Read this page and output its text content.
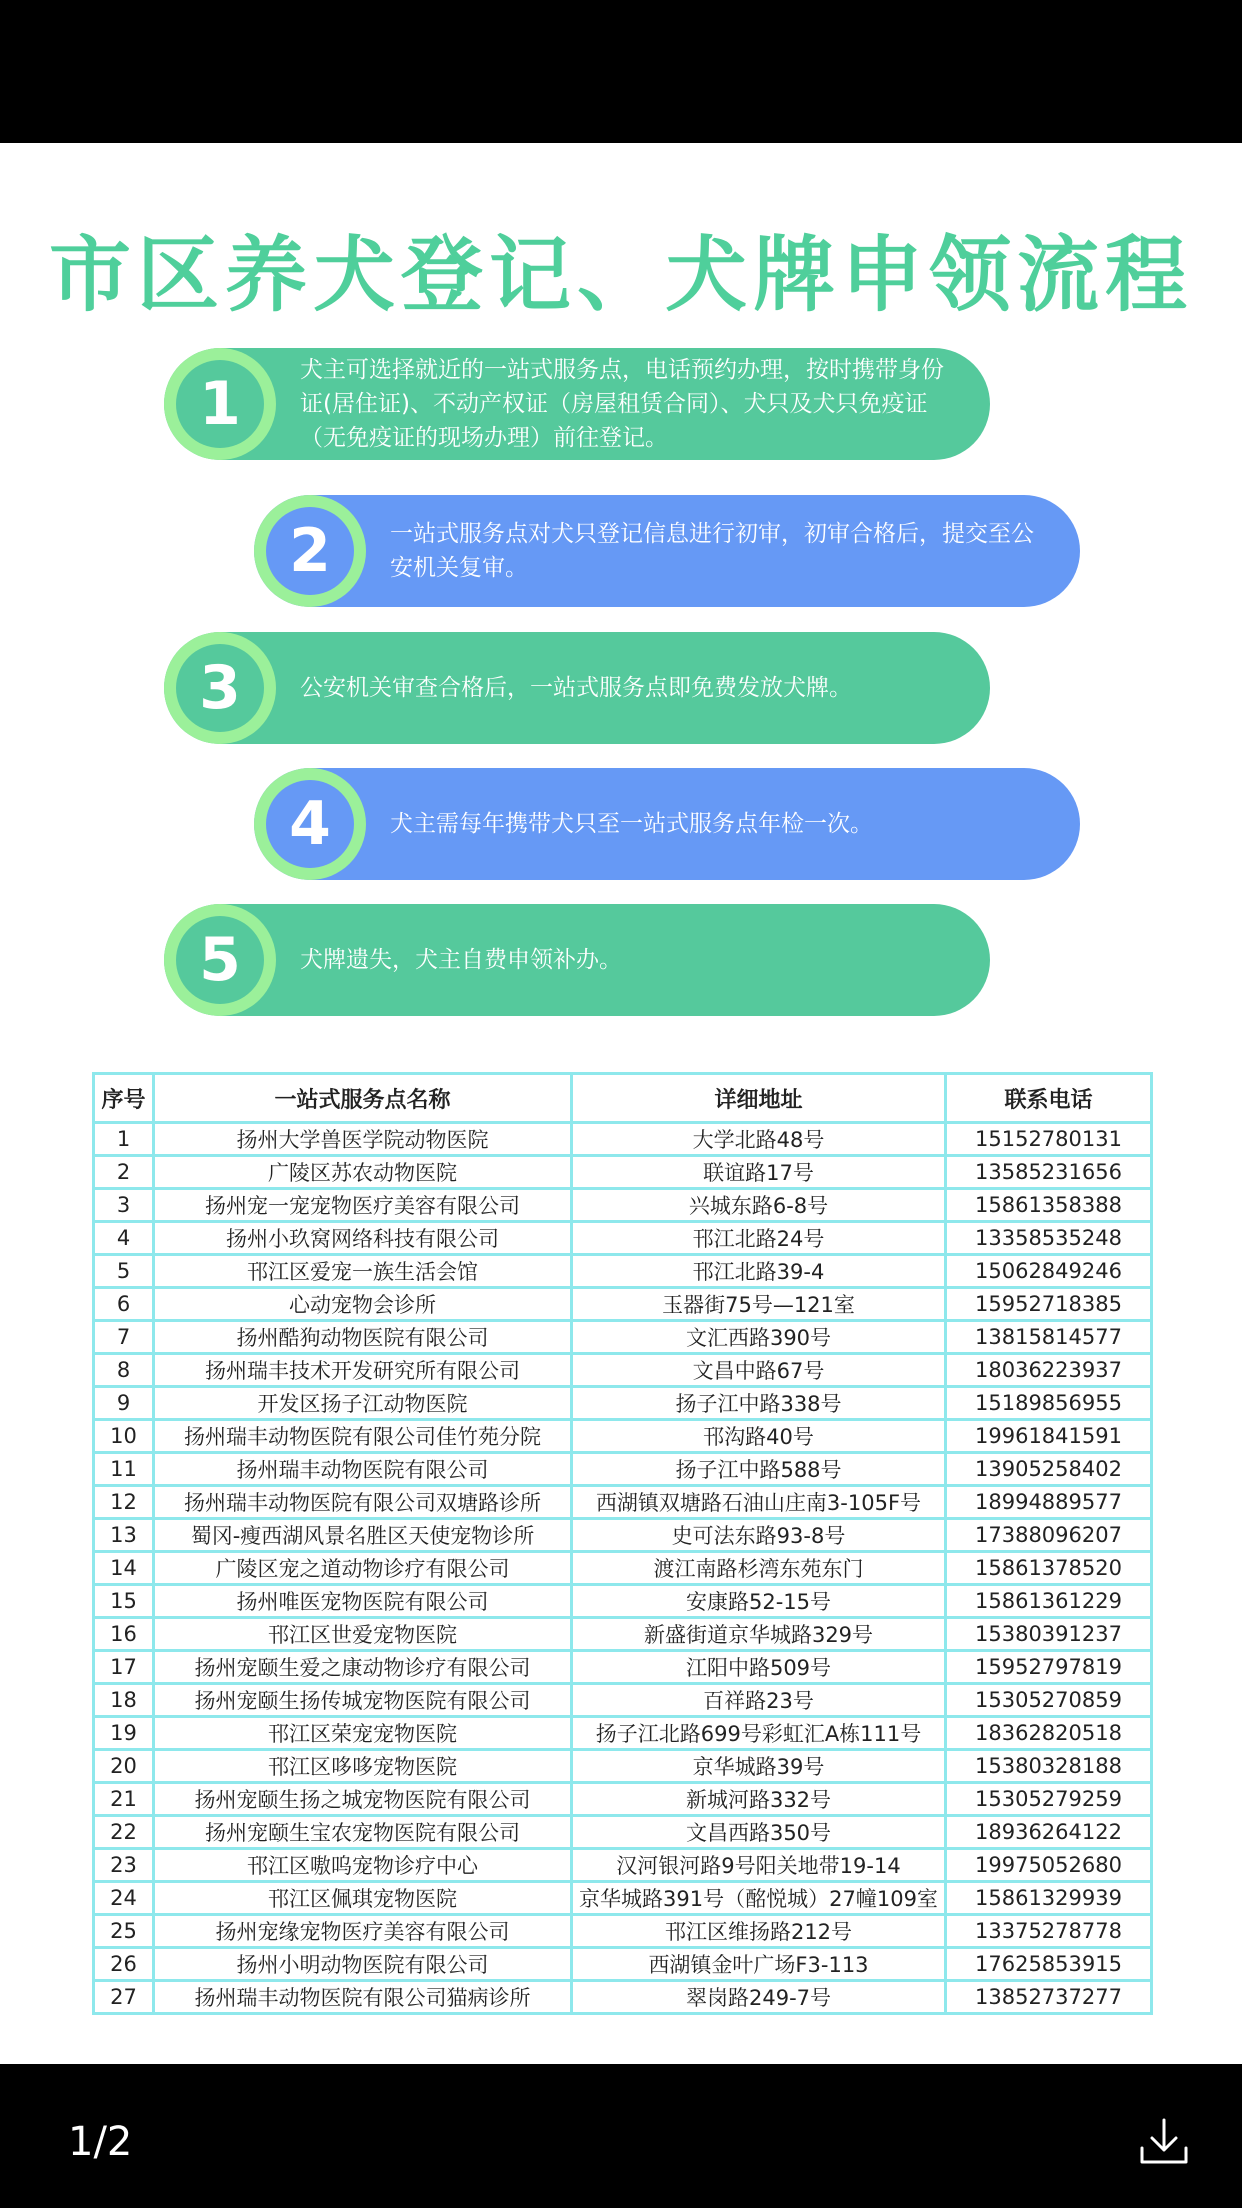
市区养犬登记、犬牌申领流程
1	犬主可选择就近的一站式服务点，电话预约办理，按时携带身份证(居住证)、不动产权证（房屋租赁合同）、犬只及犬只免疫证（无免疫证的现场办理）前往登记。
2	一站式服务点对犬只登记信息进行初审，初审合格后，提交至公安机关复审。
3	公安机关审查合格后，一站式服务点即免费发放犬牌。
4	犬主需每年携带犬只至一站式服务点年检一次。
5	犬牌遗失，犬主自费申领补办。
序号	一站式服务点名称	详细地址	联系电话
1	扬州大学兽医学院动物医院	大学北路48号	15152780131
2	广陵区苏农动物医院	联谊路17号	13585231656
3	扬州宠一宠宠物医疗美容有限公司	兴城东路6-8号	15861358388
4	扬州小玖窝网络科技有限公司	邗江北路24号	13358535248
5	邗江区爱宠一族生活会馆	邗江北路39-4	15062849246
6	心动宠物会诊所	玉器街75号—121室	15952718385
7	扬州酷狗动物医院有限公司	文汇西路390号	13815814577
8	扬州瑞丰技术开发研究所有限公司	文昌中路67号	18036223937
9	开发区扬子江动物医院	扬子江中路338号	15189856955
10	扬州瑞丰动物医院有限公司佳竹苑分院	邗沟路40号	19961841591
11	扬州瑞丰动物医院有限公司	扬子江中路588号	13905258402
12	扬州瑞丰动物医院有限公司双塘路诊所	西湖镇双塘路石油山庄南3-105F号	18994889577
13	蜀冈-瘦西湖风景名胜区天使宠物诊所	史可法东路93-8号	17388096207
14	广陵区宠之道动物诊疗有限公司	渡江南路杉湾东苑东门	15861378520
15	扬州唯医宠物医院有限公司	安康路52-15号	15861361229
16	邗江区世爱宠物医院	新盛街道京华城路329号	15380391237
17	扬州宠颐生爱之康动物诊疗有限公司	江阳中路509号	15952797819
18	扬州宠颐生扬传城宠物医院有限公司	百祥路23号	15305270859
19	邗江区荣宠宠物医院	扬子江北路699号彩虹汇A栋111号	18362820518
20	邗江区哆哆宠物医院	京华城路39号	15380328188
21	扬州宠颐生扬之城宠物医院有限公司	新城河路332号	15305279259
22	扬州宠颐生宝农宠物医院有限公司	文昌西路350号	18936264122
23	邗江区嗷呜宠物诊疗中心	汉河银河路9号阳关地带19-14	19975052680
24	邗江区佩琪宠物医院	京华城路391号（酩悦城）27幢109室	15861329939
25	扬州宠缘宠物医疗美容有限公司	邗江区维扬路212号	13375278778
26	扬州小明动物医院有限公司	西湖镇金叶广场F3-113	17625853915
27	扬州瑞丰动物医院有限公司猫病诊所	翠岗路249-7号	13852737277
1/2
